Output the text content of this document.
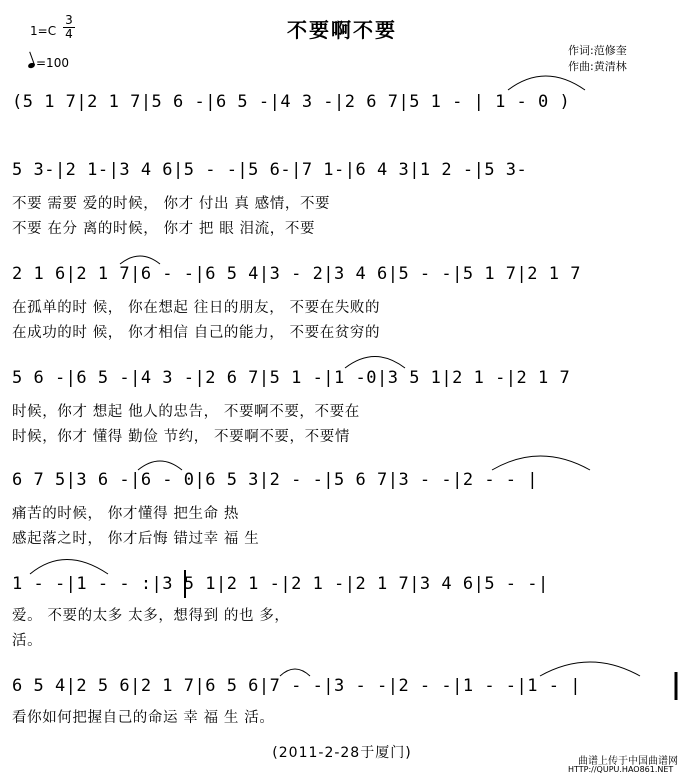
不要啊不要
1=C
3
4
=100
作词:范修奎
作曲:黄清林
(5 1 7|2 1 7|5 6 -|6 5 -|4 3 -|2 6 7|5 1 - | 1 - 0 )
5 3-|2 1-|3 4 6|5 - -|5 6-|7 1-|6 4 3|1 2 -|5 3-
不要 需要 爱的时候， 你才 付出 真 感情，不要
不要 在分 离的时候， 你才 把 眼 泪流，不要
2 1 6|2 1 7|6 - -|6 5 4|3 - 2|3 4 6|5 - -|5 1 7|2 1 7
在孤单的时 候， 你在想起 往日的朋友， 不要在失败的
在成功的时 候， 你才相信 自己的能力， 不要在贫穷的
5 6 -|6 5 -|4 3 -|2 6 7|5 1 -|1 -0|3 5 1|2 1 -|2 1 7
时候，你才 想起 他人的忠告， 不要啊不要，不要在
时候，你才 懂得 勤俭 节约， 不要啊不要，不要情
6 7 5|3 6 -|6 - 0|6 5 3|2 - -|5 6 7|3 - -|2 - - |
痛苦的时候， 你才懂得 把生命 热
感起落之时， 你才后悔 错过幸 福 生
1 - -|1 - - :|3 5 1|2 1 -|2 1 -|2 1 7|3 4 6|5 - -|
爱。 不要的太多 太多，想得到 的也 多，
活。
6 5 4|2 5 6|2 1 7|6 5 6|7 - -|3 - -|2 - -|1 - -|1 - |
看你如何把握自己的命运 幸 福 生 活。
(2011-2-28于厦门)
曲谱上传于中国曲谱网
HTTP://QUPU.HAO861.NET
